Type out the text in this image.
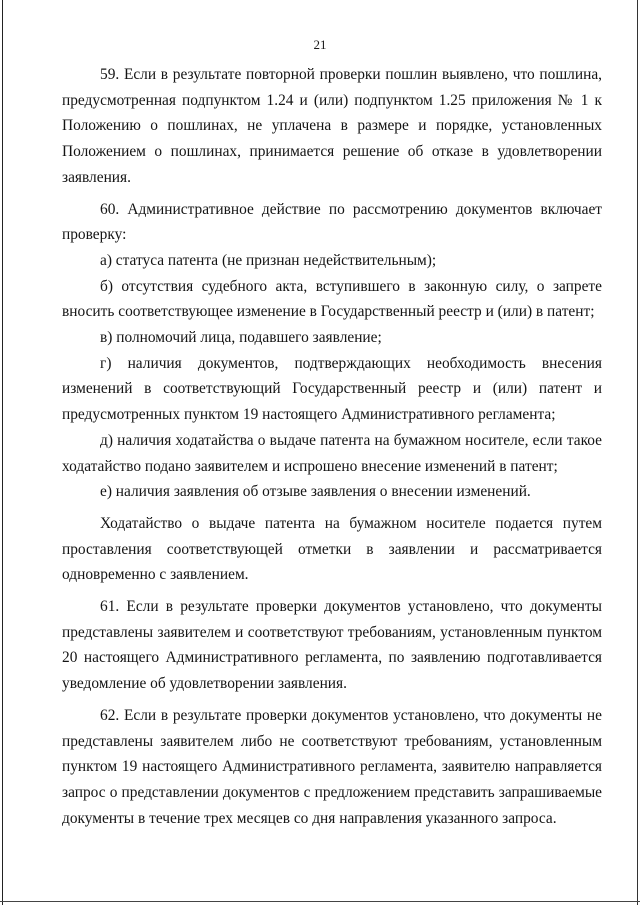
21

59. Если в результате повторной проверки пошлин выявлено, что пошлина, предусмотренная подпунктом 1.24 и (или) подпунктом 1.25 приложения № 1 к Положению о пошлинах, не уплачена в размере и порядке, установленных Положением о пошлинах, принимается решение об отказе в удовлетворении заявления.

60. Административное действие по рассмотрению документов включает проверку:

а) статуса патента (не признан недействительным);

б) отсутствия судебного акта, вступившего в законную силу, о запрете вносить соответствующее изменение в Государственный реестр и (или) в патент;

в) полномочий лица, подавшего заявление;

г) наличия документов, подтверждающих необходимость внесения изменений в соответствующий Государственный реестр и (или) патент и предусмотренных пунктом 19 настоящего Административного регламента;

д) наличия ходатайства о выдаче патента на бумажном носителе, если такое ходатайство подано заявителем и испрошено внесение изменений в патент;

е) наличия заявления об отзыве заявления о внесении изменений.

Ходатайство о выдаче патента на бумажном носителе подается путем проставления соответствующей отметки в заявлении и рассматривается одновременно с заявлением.

61. Если в результате проверки документов установлено, что документы представлены заявителем и соответствуют требованиям, установленным пунктом 20 настоящего Административного регламента, по заявлению подготавливается уведомление об удовлетворении заявления.

62. Если в результате проверки документов установлено, что документы не представлены заявителем либо не соответствуют требованиям, установленным пунктом 19 настоящего Административного регламента, заявителю направляется запрос о представлении документов с предложением представить запрашиваемые документы в течение трех месяцев со дня направления указанного запроса.
